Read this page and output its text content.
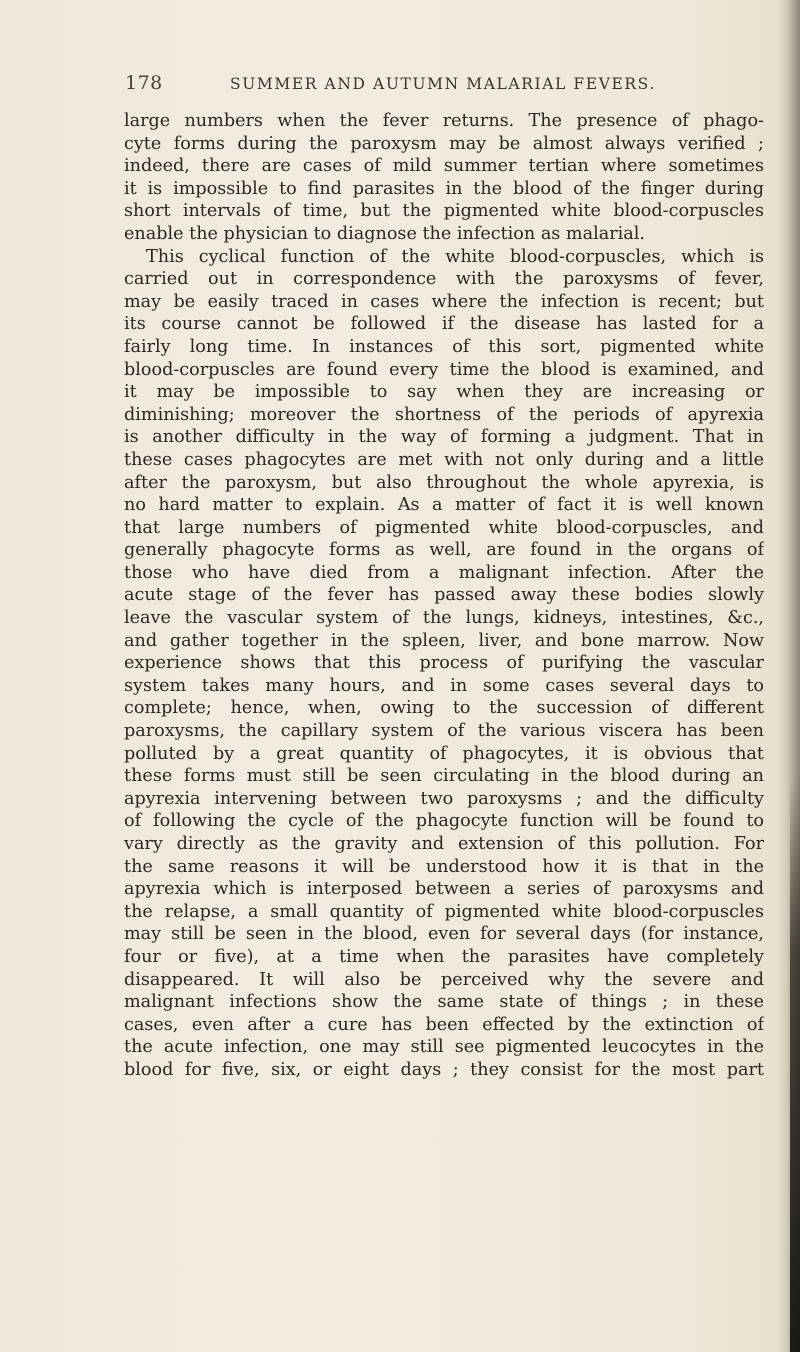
178	SUMMER AND AUTUMN MALARIAL FEVERS.
large numbers when the fever returns. The presence of phago-
cyte forms during the paroxysm may be almost always verified ;
indeed, there are cases of mild summer tertian where sometimes
it is impossible to find parasites in the blood of the finger during
short intervals of time, but the pigmented white blood-corpuscles
enable the physician to diagnose the infection as malarial.
This cyclical function of the white blood-corpuscles, which is
carried out in correspondence with the paroxysms of fever,
may be easily traced in cases where the infection is recent; but
its course cannot be followed if the disease has lasted for a
fairly long time. In instances of this sort, pigmented white
blood-corpuscles are found every time the blood is examined, and
it may be impossible to say when they are increasing or
diminishing; moreover the shortness of the periods of apyrexia
is another difficulty in the way of forming a judgment. That in
these cases phagocytes are met with not only during and a little
after the paroxysm, but also throughout the whole apyrexia, is
no hard matter to explain. As a matter of fact it is well known
that large numbers of pigmented white blood-corpuscles, and
generally phagocyte forms as well, are found in the organs of
those who have died from a malignant infection. After the
acute stage of the fever has passed away these bodies slowly
leave the vascular system of the lungs, kidneys, intestines, &c.,
and gather together in the spleen, liver, and bone marrow. Now
experience shows that this process of purifying the vascular
system takes many hours, and in some cases several days to
complete; hence, when, owing to the succession of different
paroxysms, the capillary system of the various viscera has been
polluted by a great quantity of phagocytes, it is obvious that
these forms must still be seen circulating in the blood during an
apyrexia intervening between two paroxysms ; and the difficulty
of following the cycle of the phagocyte function will be found to
vary directly as the gravity and extension of this pollution. For
the same reasons it will be understood how it is that in the
apyrexia which is interposed between a series of paroxysms and
the relapse, a small quantity of pigmented white blood-corpuscles
may still be seen in the blood, even for several days (for instance,
four or five), at a time when the parasites have completely
disappeared. It will also be perceived why the severe and
malignant infections show the same state of things ; in these
cases, even after a cure has been effected by the extinction of
the acute infection, one may still see pigmented leucocytes in the
blood for five, six, or eight days ; they consist for the most part
